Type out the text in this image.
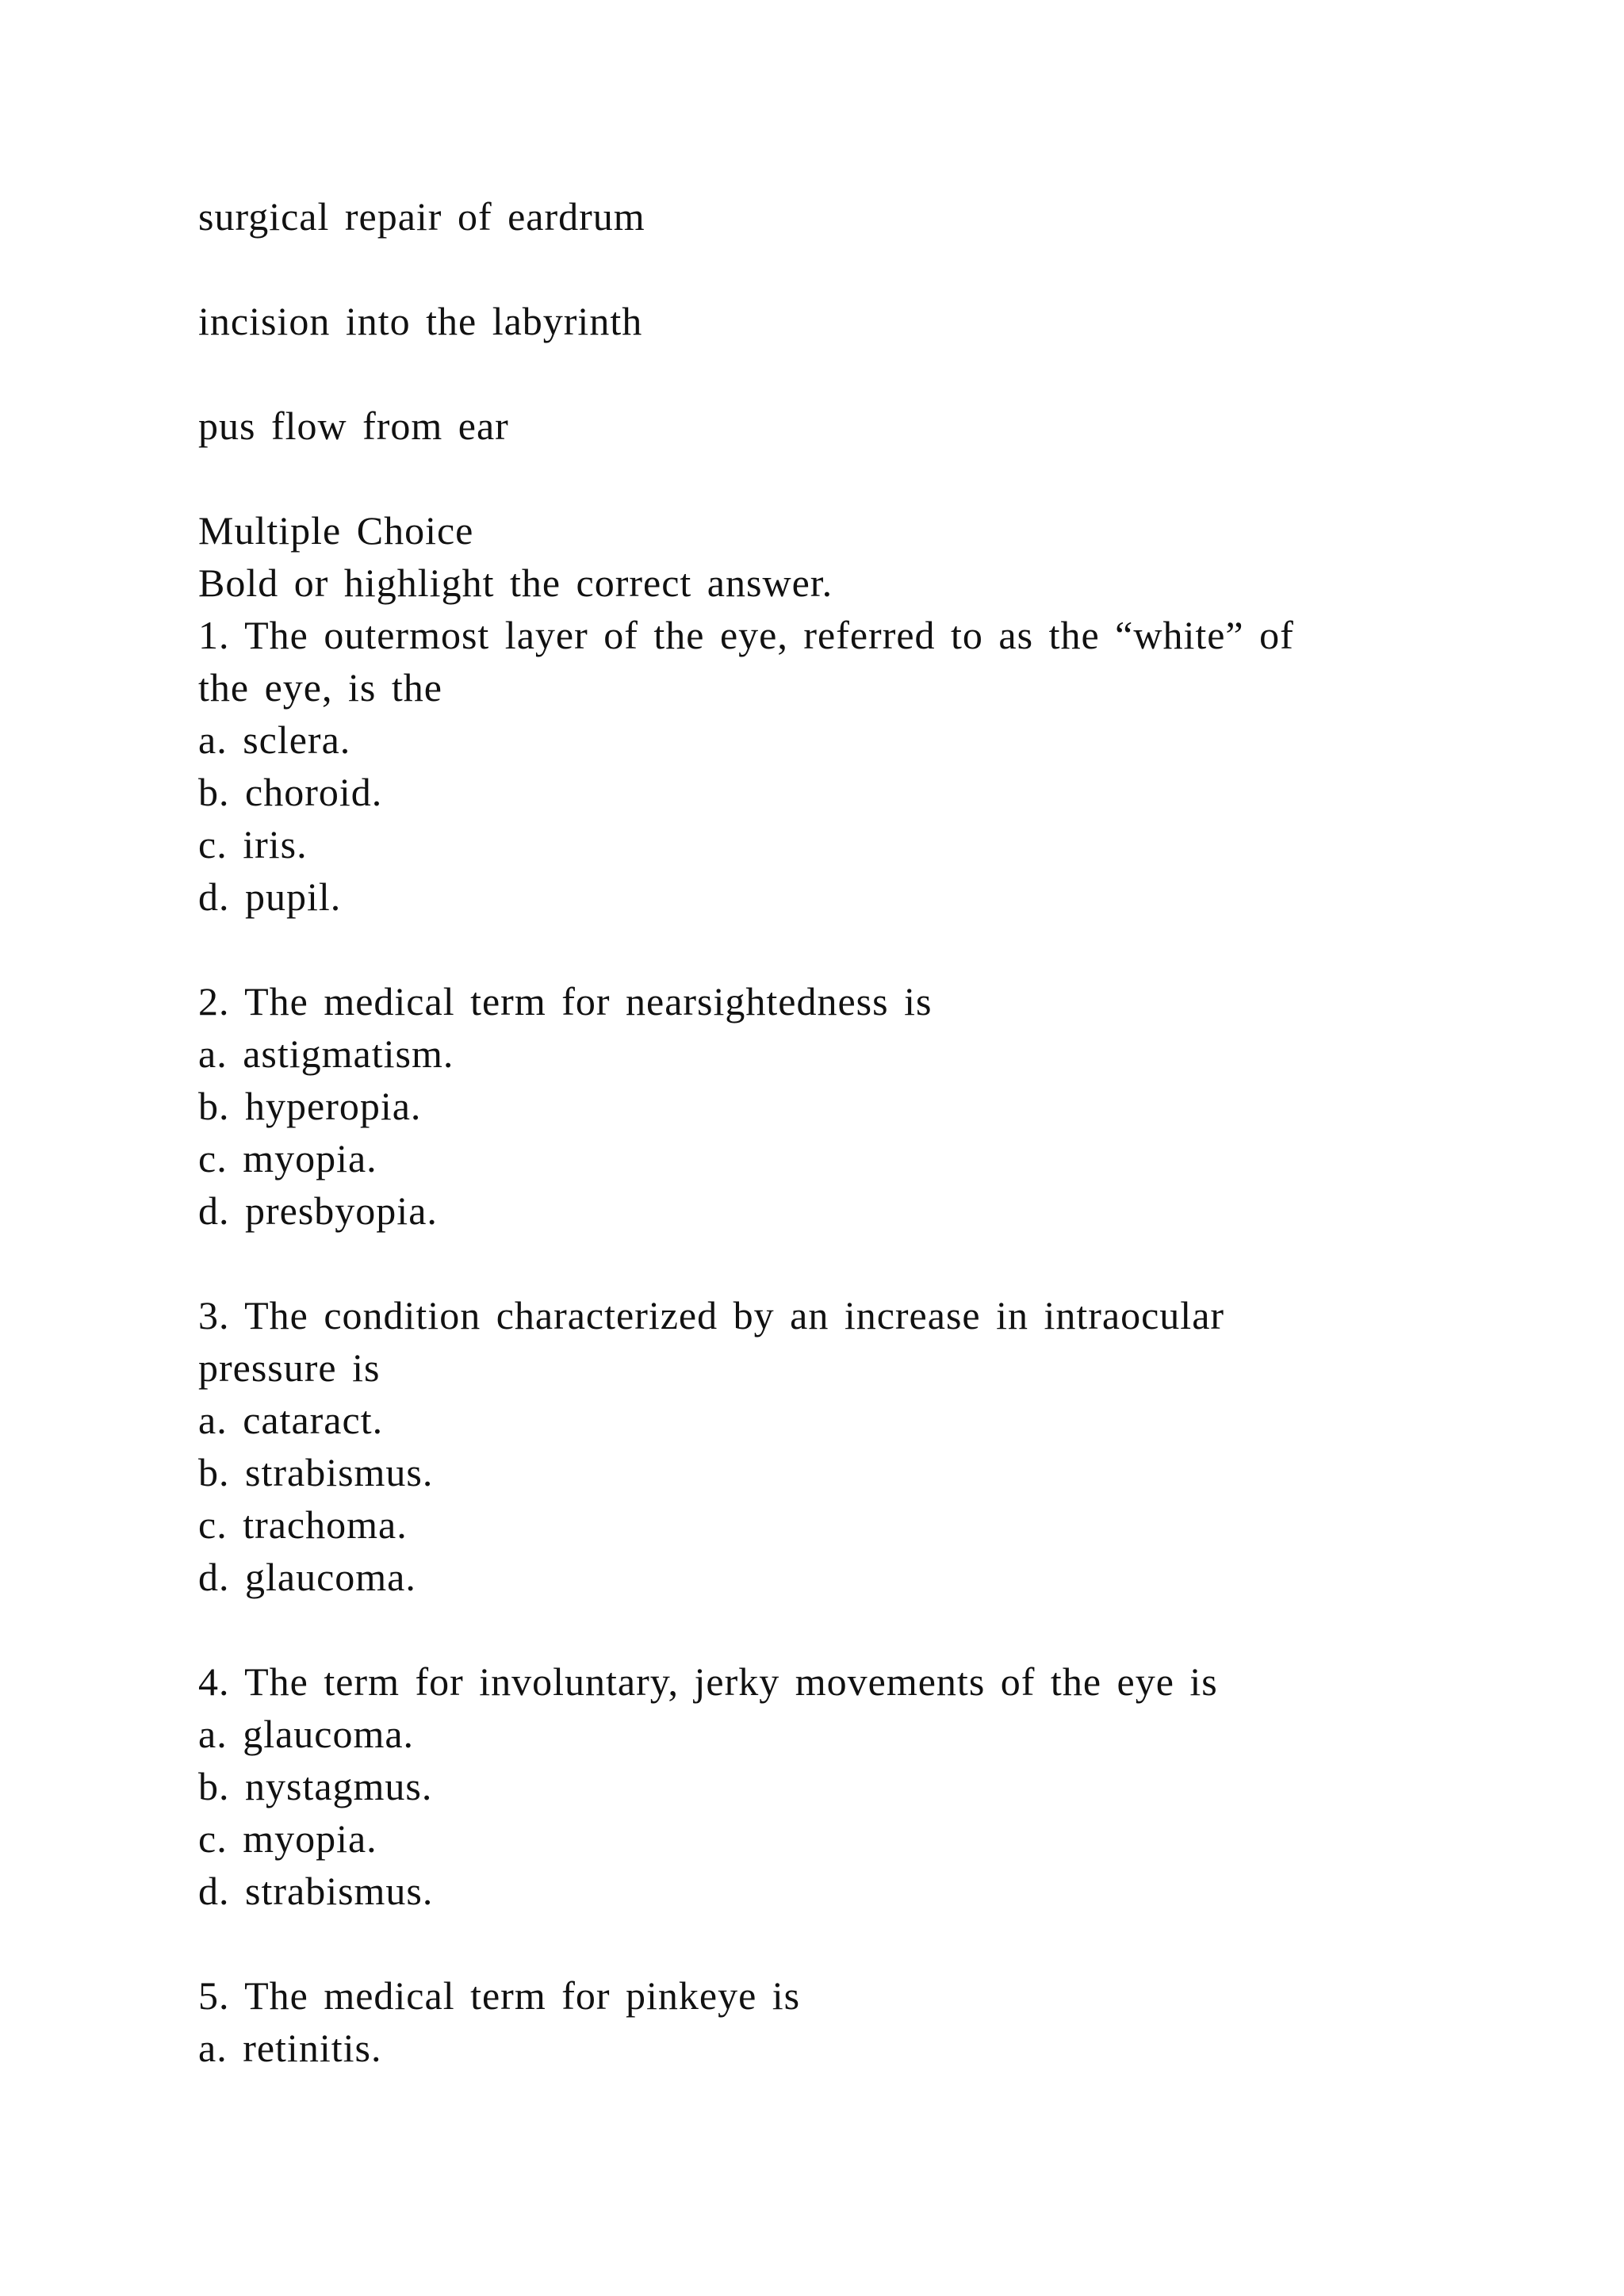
surgical repair of eardrum
incision into the labyrinth
pus flow from ear
Multiple Choice
Bold or highlight the correct answer.
1. The outermost layer of the eye, referred to as the “white” of
the eye, is the
a. sclera.
b. choroid.
c. iris.
d. pupil.
2. The medical term for nearsightedness is
a. astigmatism.
b. hyperopia.
c. myopia.
d. presbyopia.
3. The condition characterized by an increase in intraocular
pressure is
a. cataract.
b. strabismus.
c. trachoma.
d. glaucoma.
4. The term for involuntary, jerky movements of the eye is
a. glaucoma.
b. nystagmus.
c. myopia.
d. strabismus.
5. The medical term for pinkeye is
a. retinitis.
